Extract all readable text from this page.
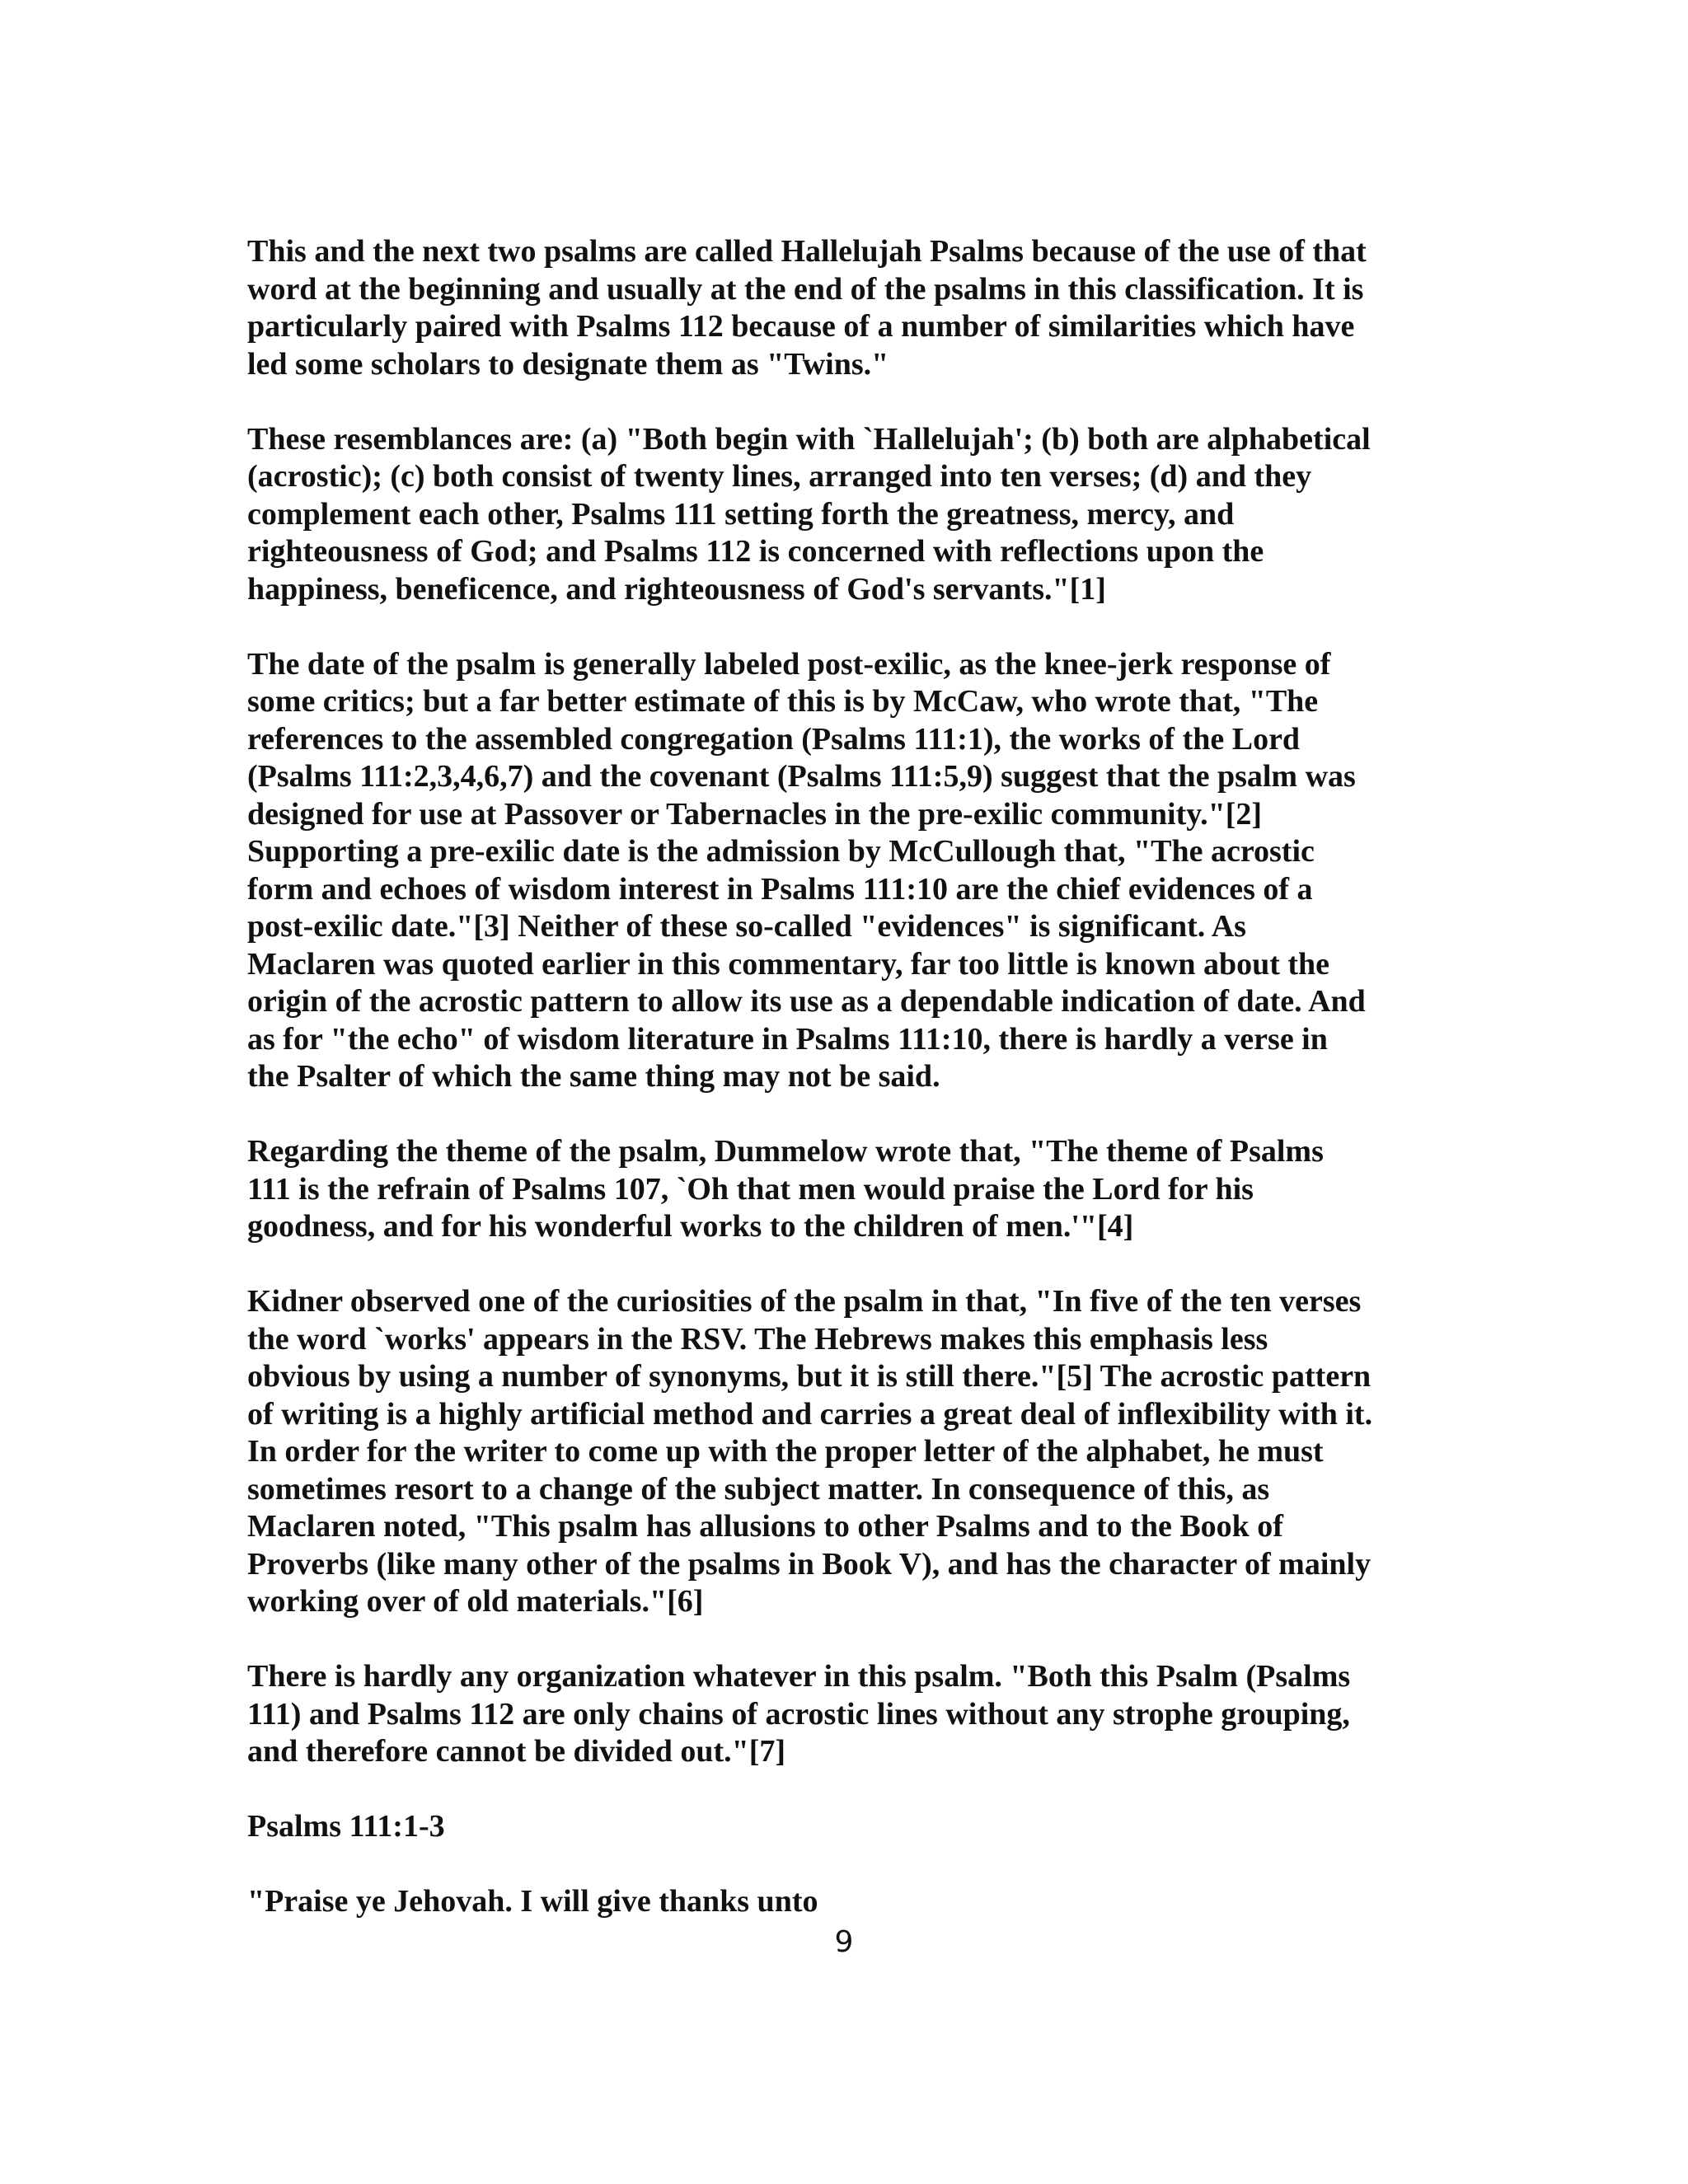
This and the next two psalms are called Hallelujah Psalms because of the use of that
word at the beginning and usually at the end of the psalms in this classification. It is
particularly paired with Psalms 112 because of a number of similarities which have
led some scholars to designate them as "Twins."

These resemblances are: (a) "Both begin with `Hallelujah'; (b) both are alphabetical
(acrostic); (c) both consist of twenty lines, arranged into ten verses; (d) and they
complement each other, Psalms 111 setting forth the greatness, mercy, and
righteousness of God; and Psalms 112 is concerned with reflections upon the
happiness, beneficence, and righteousness of God's servants."[1]

The date of the psalm is generally labeled post-exilic, as the knee-jerk response of
some critics; but a far better estimate of this is by McCaw, who wrote that, "The
references to the assembled congregation (Psalms 111:1), the works of the Lord
(Psalms 111:2,3,4,6,7) and the covenant (Psalms 111:5,9) suggest that the psalm was
designed for use at Passover or Tabernacles in the pre-exilic community."[2]
Supporting a pre-exilic date is the admission by McCullough that, "The acrostic
form and echoes of wisdom interest in Psalms 111:10 are the chief evidences of a
post-exilic date."[3] Neither of these so-called "evidences" is significant. As
Maclaren was quoted earlier in this commentary, far too little is known about the
origin of the acrostic pattern to allow its use as a dependable indication of date. And
as for "the echo" of wisdom literature in Psalms 111:10, there is hardly a verse in
the Psalter of which the same thing may not be said.

Regarding the theme of the psalm, Dummelow wrote that, "The theme of Psalms
111 is the refrain of Psalms 107, `Oh that men would praise the Lord for his
goodness, and for his wonderful works to the children of men.'"[4]

Kidner observed one of the curiosities of the psalm in that, "In five of the ten verses
the word `works' appears in the RSV. The Hebrews makes this emphasis less
obvious by using a number of synonyms, but it is still there."[5] The acrostic pattern
of writing is a highly artificial method and carries a great deal of inflexibility with it.
In order for the writer to come up with the proper letter of the alphabet, he must
sometimes resort to a change of the subject matter. In consequence of this, as
Maclaren noted, "This psalm has allusions to other Psalms and to the Book of
Proverbs (like many other of the psalms in Book V), and has the character of mainly
working over of old materials."[6]

There is hardly any organization whatever in this psalm. "Both this Psalm (Psalms
111) and Psalms 112 are only chains of acrostic lines without any strophe grouping,
and therefore cannot be divided out."[7]

Psalms 111:1-3

"Praise ye Jehovah. I will give thanks unto

9
